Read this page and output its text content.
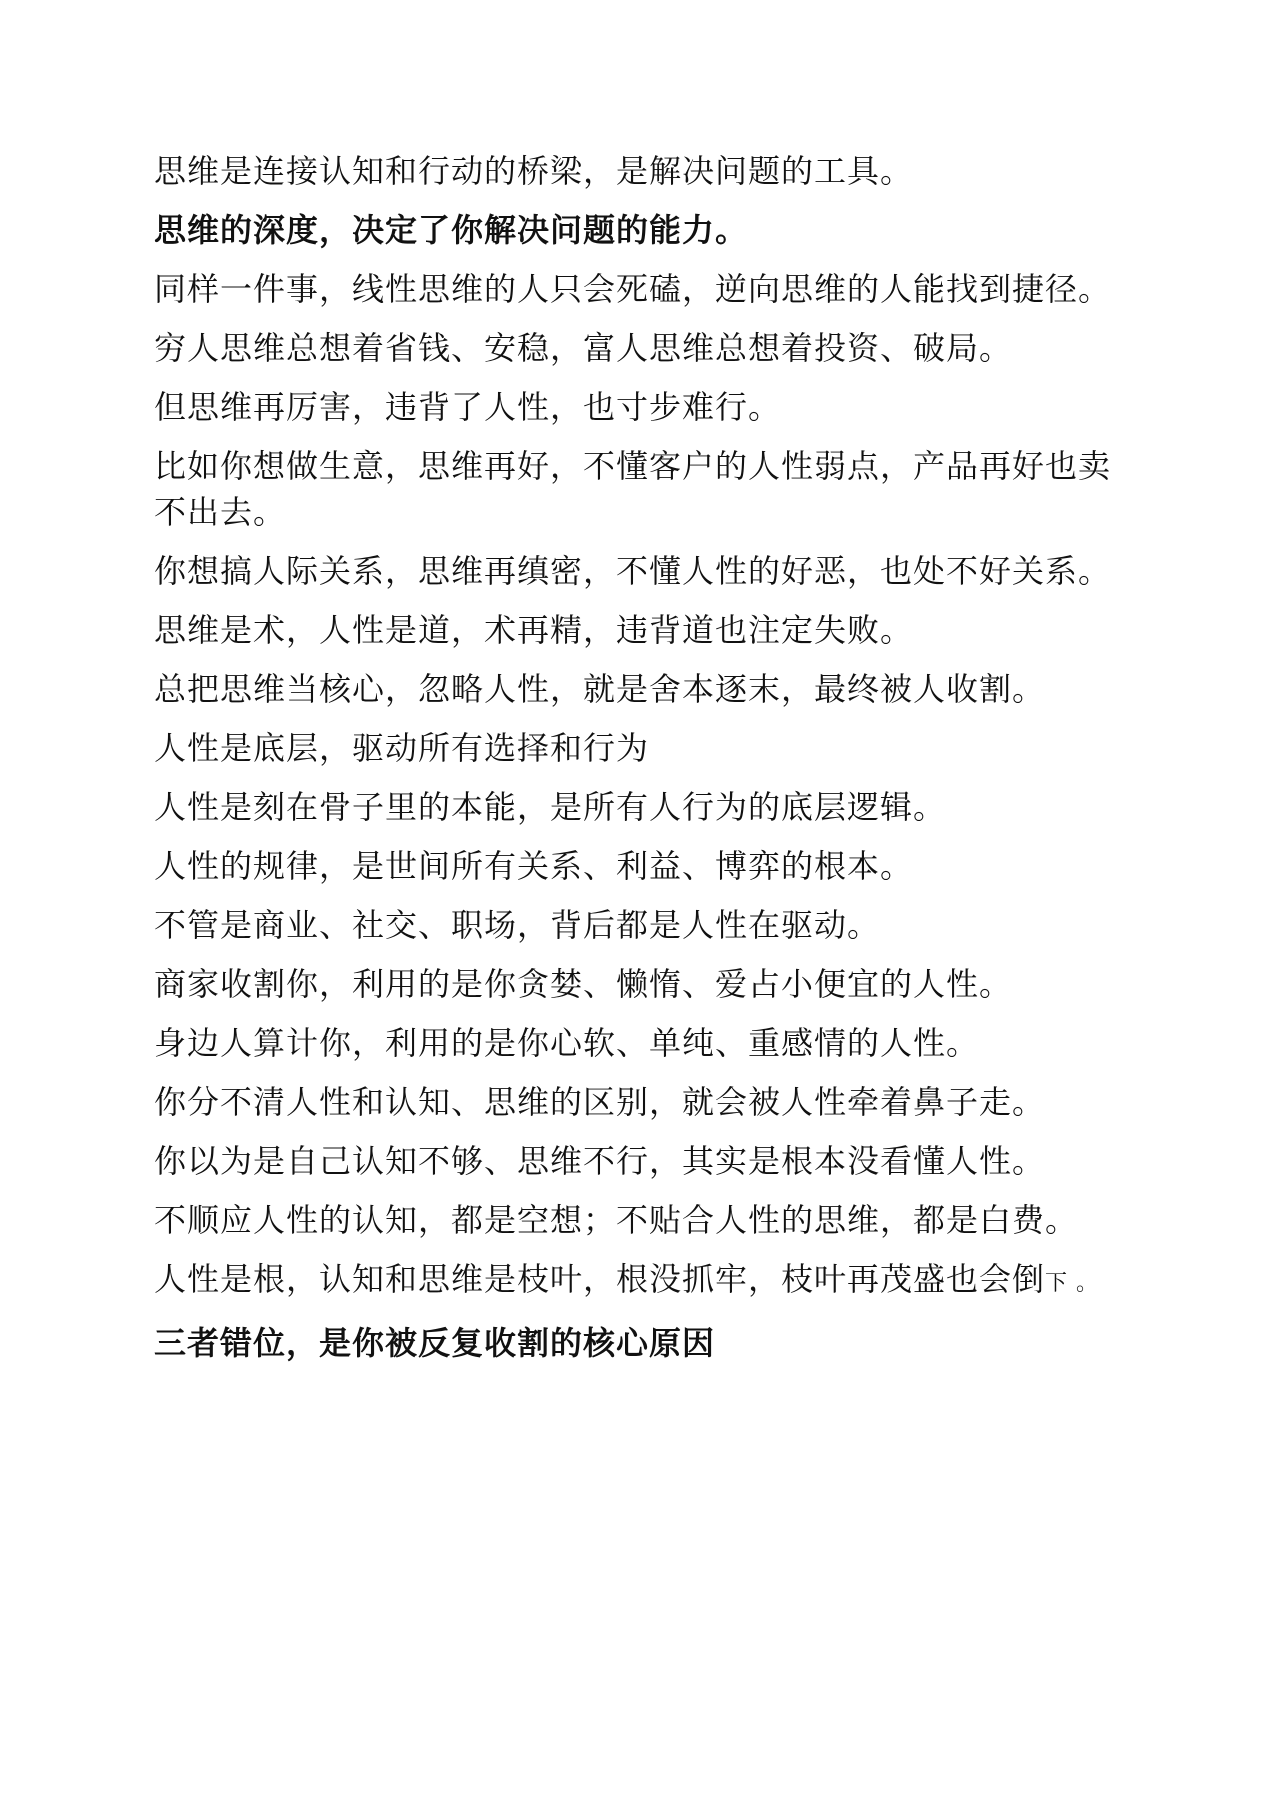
思维是连接认知和行动的桥梁，是解决问题的工具。

思维的深度，决定了你解决问题的能力。

同样一件事，线性思维的人只会死磕，逆向思维的人能找到捷径。

穷人思维总想着省钱、安稳，富人思维总想着投资、破局。

但思维再厉害，违背了人性，也寸步难行。

比如你想做生意，思维再好，不懂客户的人性弱点，产品再好也卖不出去。

你想搞人际关系，思维再缜密，不懂人性的好恶，也处不好关系。

思维是术，人性是道，术再精，违背道也注定失败。

总把思维当核心，忽略人性，就是舍本逐末，最终被人收割。

人性是底层，驱动所有选择和行为

人性是刻在骨子里的本能，是所有人行为的底层逻辑。

人性的规律，是世间所有关系、利益、博弈的根本。

不管是商业、社交、职场，背后都是人性在驱动。

商家收割你，利用的是你贪婪、懒惰、爱占小便宜的人性。

身边人算计你，利用的是你心软、单纯、重感情的人性。

你分不清人性和认知、思维的区别，就会被人性牵着鼻子走。

你以为是自己认知不够、思维不行，其实是根本没看懂人性。

不顺应人性的认知，都是空想；不贴合人性的思维，都是白费。

人性是根，认知和思维是枝叶，根没抓牢，枝叶再茂盛也会倒下 。

三者错位，是你被反复收割的核心原因
